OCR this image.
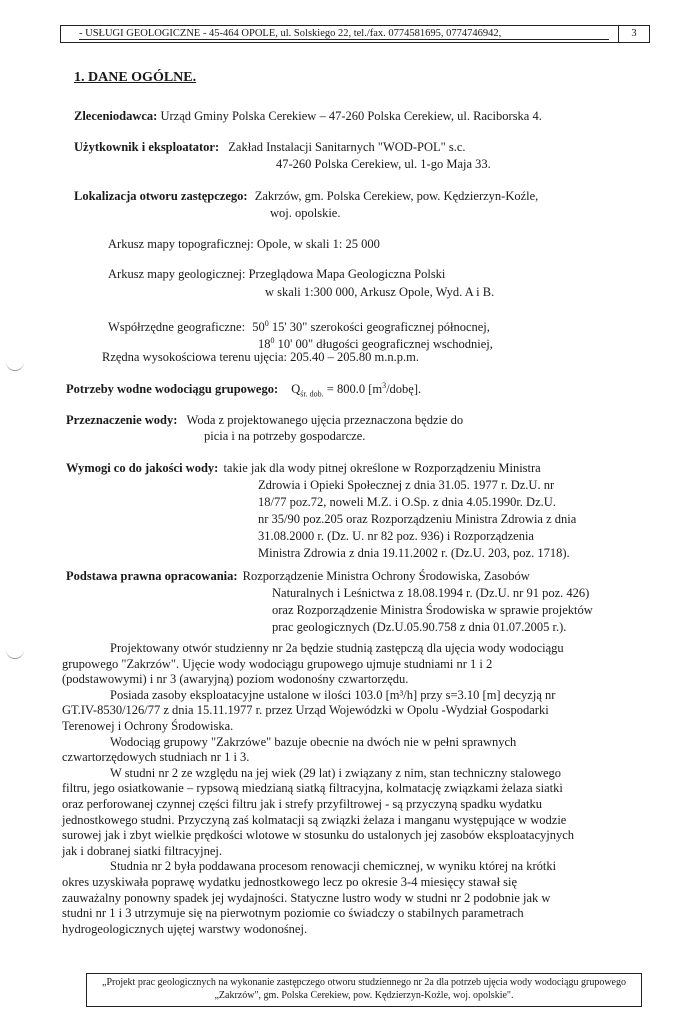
- USŁUGI GEOLOGICZNE - 45-464 OPOLE, ul. Solskiego 22, tel./fax. 0774581695, 0774746942,	3
1. DANE OGÓLNE.
Zleceniodawca: Urząd Gminy Polska Cerekiew – 47-260 Polska Cerekiew, ul. Raciborska 4.
Użytkownik i eksploatator: Zakład Instalacji Sanitarnych "WOD-POL" s.c.
47-260 Polska Cerekiew, ul. 1-go Maja 33.
Lokalizacja otworu zastępczego: Zakrzów, gm. Polska Cerekiew, pow. Kędzierzyn-Koźle,
woj. opolskie.
Arkusz mapy topograficznej: Opole, w skali 1: 25 000
Arkusz mapy geologicznej: Przeglądowa Mapa Geologiczna Polski
w skali 1:300 000, Arkusz Opole, Wyd. A i B.
Współrzędne geograficzne: $50^0$ 15' 30" szerokości geograficznej północnej,
$18^0$ 10' 00" długości geograficznej wschodniej,
Rzędna wysokościowa terenu ujęcia: 205.40 – 205.80 m.n.p.m.
Potrzeby wodne wodociągu grupowego: $Q_{śr. dob.} = 800.0$ $[m^3/dobę]$.
Przeznaczenie wody: Woda z projektowanego ujęcia przeznaczona będzie do
picia i na potrzeby gospodarcze.
Wymogi co do jakości wody: takie jak dla wody pitnej określone w Rozporządzeniu Ministra
Zdrowia i Opieki Społecznej z dnia 31.05. 1977 r. Dz.U. nr
18/77 poz.72, noweli M.Z. i O.Sp. z dnia 4.05.1990r. Dz.U.
nr 35/90 poz.205 oraz Rozporządzeniu Ministra Zdrowia z dnia
31.08.2000 r. (Dz. U. nr 82 poz. 936) i Rozporządzenia
Ministra Zdrowia z dnia 19.11.2002 r. (Dz.U. 203, poz. 1718).
Podstawa prawna opracowania: Rozporządzenie Ministra Ochrony Środowiska, Zasobów
Naturalnych i Leśnictwa z 18.08.1994 r. (Dz.U. nr 91 poz. 426)
oraz Rozporządzenie Ministra Środowiska w sprawie projektów
prac geologicznych (Dz.U.05.90.758 z dnia 01.07.2005 r.).
Projektowany otwór studzienny nr 2a będzie studnią zastępczą dla ujęcia wody wodociągu
grupowego "Zakrzów". Ujęcie wody wodociągu grupowego ujmuje studniami nr 1 i 2
(podstawowymi) i nr 3 (awaryjną) poziom wodonośny czwartorzędu.
Posiada zasoby eksploatacyjne ustalone w ilości 103.0 [m³/h] przy s=3.10 [m] decyzją nr
GT.IV-8530/126/77 z dnia 15.11.1977 r. przez Urząd Wojewódzki w Opolu -Wydział Gospodarki
Terenowej i Ochrony Środowiska.
Wodociąg grupowy "Zakrzówe" bazuje obecnie na dwóch nie w pełni sprawnych
czwartorzędowych studniach nr 1 i 3.
W studni nr 2 ze względu na jej wiek (29 lat) i związany z nim, stan techniczny stalowego
filtru, jego osiatkowanie – rypsową miedzianą siatką filtracyjna, kolmatację związkami żelaza siatki
oraz perforowanej czynnej części filtru jak i strefy przyfiltrowej - są przyczyną spadku wydatku
jednostkowego studni. Przyczyną zaś kolmatacji są związki żelaza i manganu występujące w wodzie
surowej jak i zbyt wielkie prędkości wlotowe w stosunku do ustalonych jej zasobów eksploatacyjnych
jak i dobranej siatki filtracyjnej.
Studnia nr 2 była poddawana procesom renowacji chemicznej, w wyniku której na krótki
okres uzyskiwała poprawę wydatku jednostkowego lecz po okresie 3-4 miesięcy stawał się
zauważalny ponowny spadek jej wydajności. Statyczne lustro wody w studni nr 2 podobnie jak w
studni nr 1 i 3 utrzymuje się na pierwotnym poziomie co świadczy o stabilnych parametrach
hydrogeologicznych ujętej warstwy wodonośnej.
„Projekt prac geologicznych na wykonanie zastępczego otworu studziennego nr 2a dla potrzeb ujęcia wody wodociągu grupowego
„Zakrzów", gm. Polska Cerekiew, pow. Kędzierzyn-Koźle, woj. opolskie".
